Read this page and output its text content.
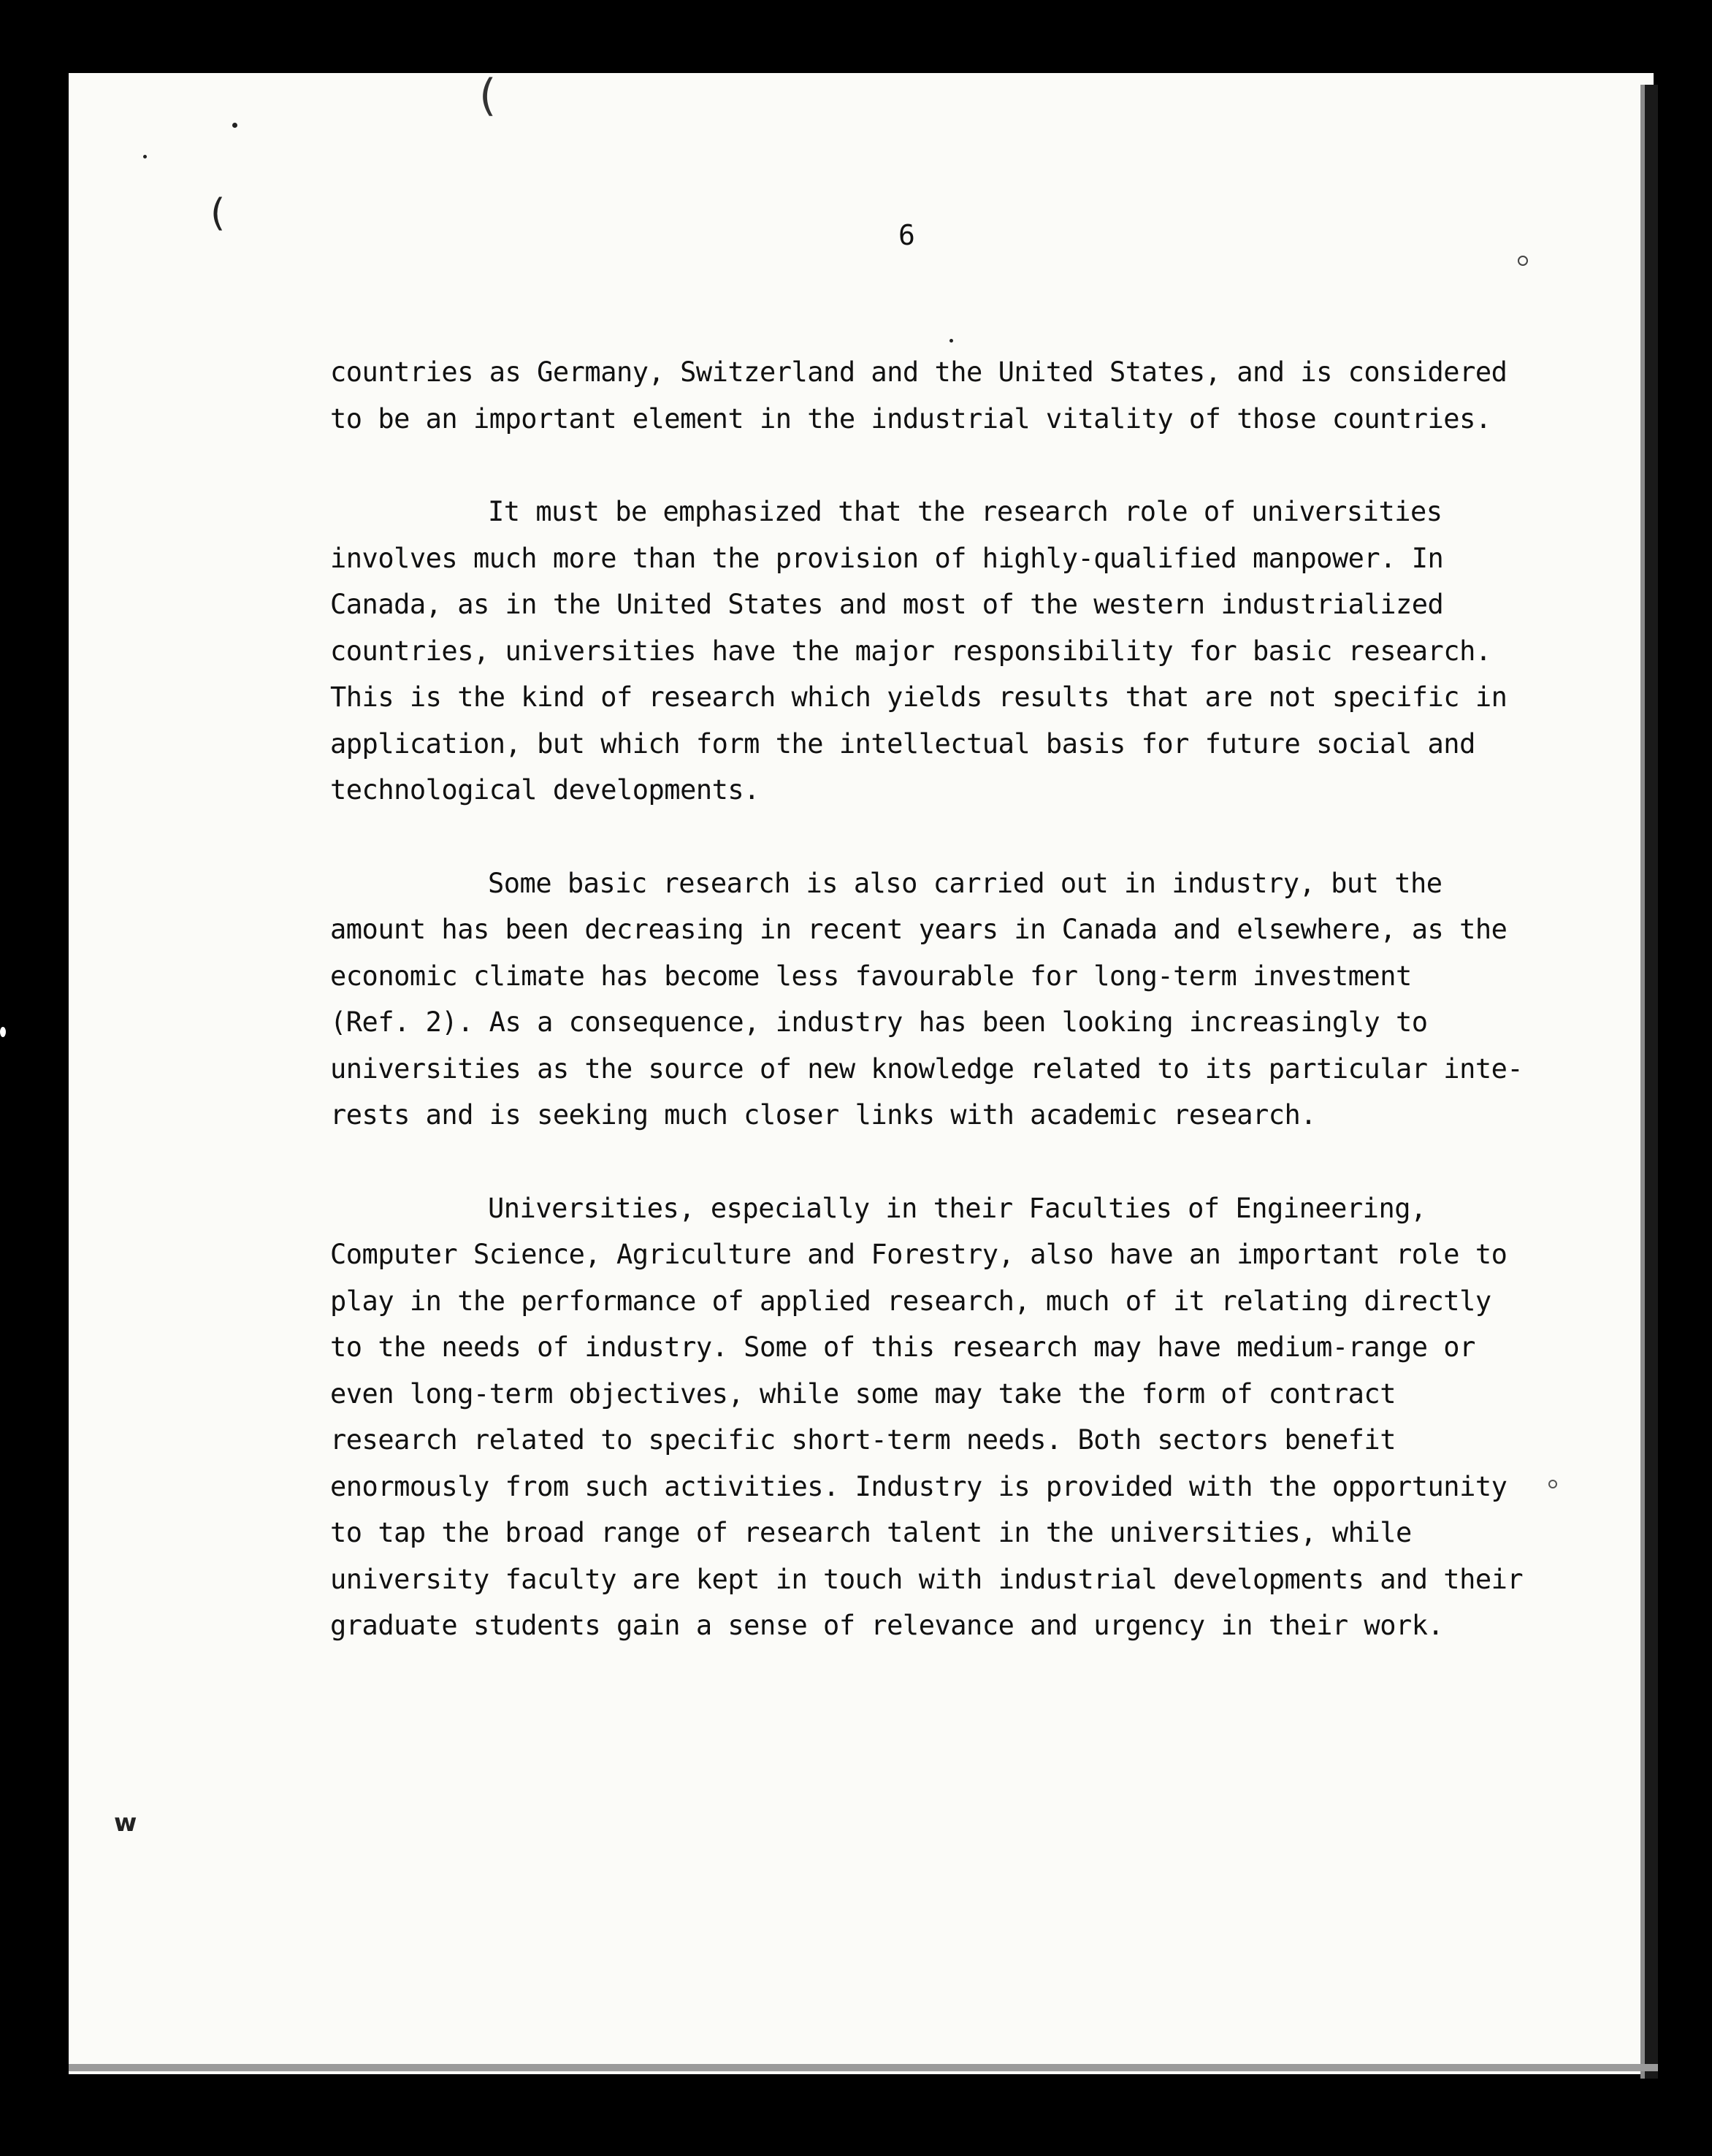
(
(
w
6

countries as Germany, Switzerland and the United States, and is considered
to be an important element in the industrial vitality of those countries.

It must be emphasized that the research role of universities
involves much more than the provision of highly-qualified manpower. In
Canada, as in the United States and most of the western industrialized
countries, universities have the major responsibility for basic research.
This is the kind of research which yields results that are not specific in
application, but which form the intellectual basis for future social and
technological developments.

Some basic research is also carried out in industry, but the
amount has been decreasing in recent years in Canada and elsewhere, as the
economic climate has become less favourable for long-term investment
(Ref. 2). As a consequence, industry has been looking increasingly to
universities as the source of new knowledge related to its particular inte-
rests and is seeking much closer links with academic research.

Universities, especially in their Faculties of Engineering,
Computer Science, Agriculture and Forestry, also have an important role to
play in the performance of applied research, much of it relating directly
to the needs of industry. Some of this research may have medium-range or
even long-term objectives, while some may take the form of contract
research related to specific short-term needs. Both sectors benefit
enormously from such activities. Industry is provided with the opportunity
to tap the broad range of research talent in the universities, while
university faculty are kept in touch with industrial developments and their
graduate students gain a sense of relevance and urgency in their work.
